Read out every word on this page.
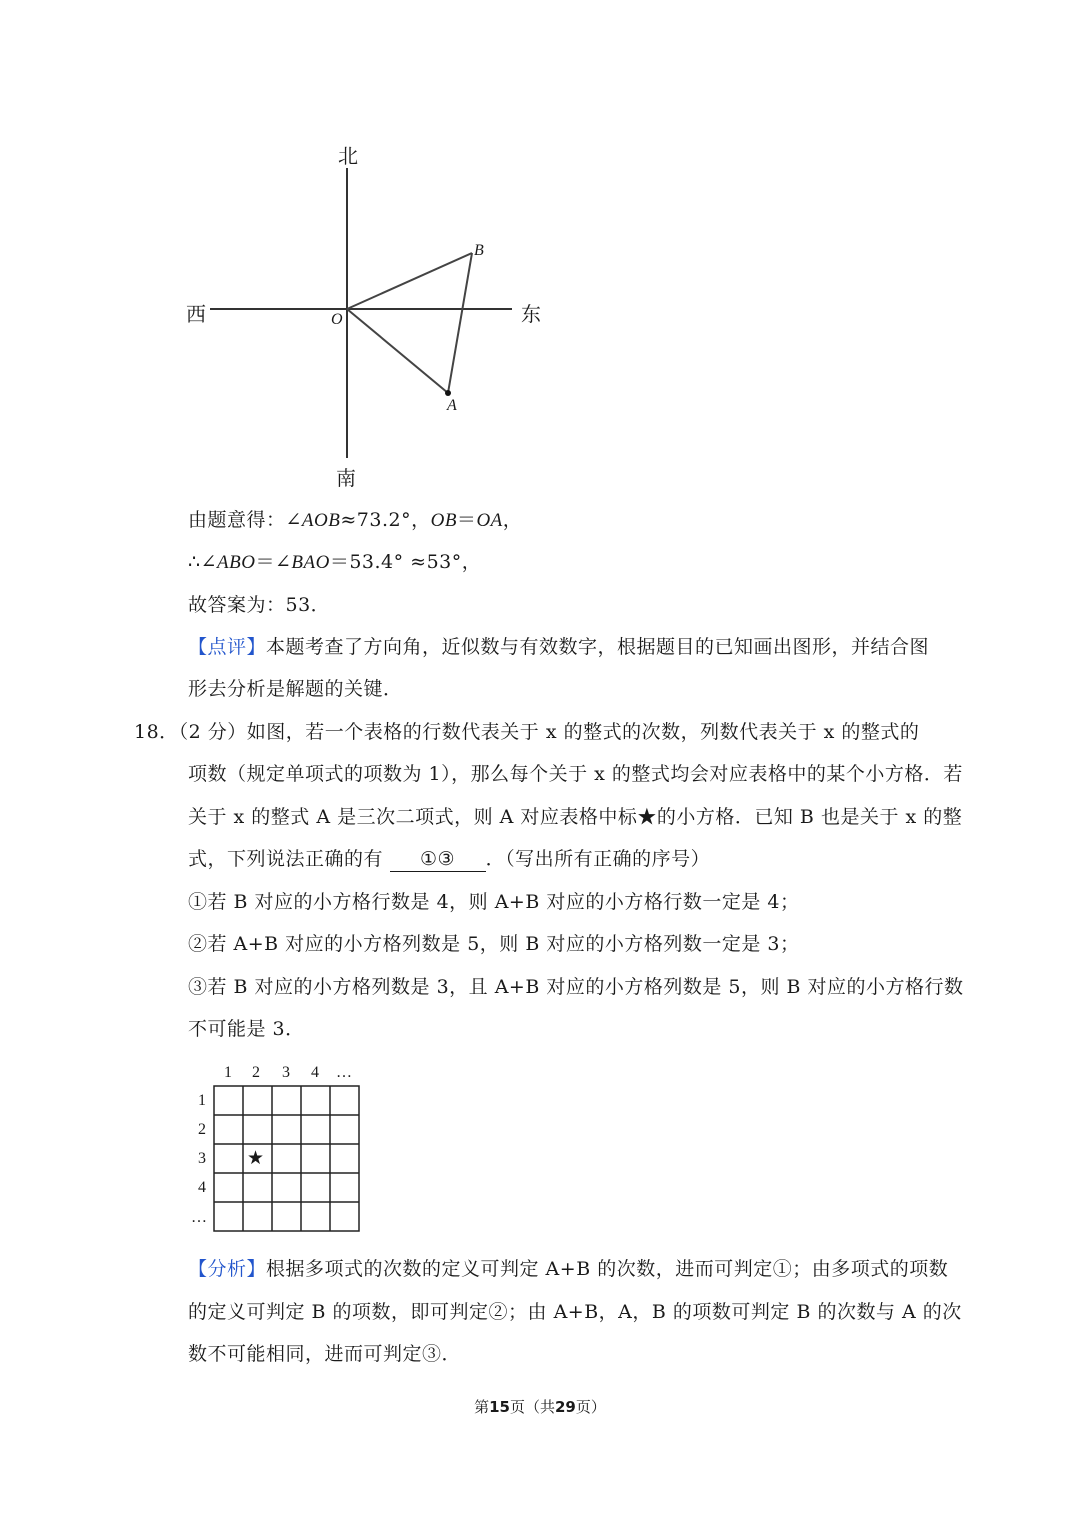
北
南
西	东
O
A
B
由题意得：∠AOB≈73.2°，OB＝OA，
∴∠ABO＝∠BAO＝53.4° ≈53°，
故答案为：53．
【点评】本题考查了方向角，近似数与有效数字，根据题目的已知画出图形，并结合图
形去分析是解题的关键．
18．（2 分）如图，若一个表格的行数代表关于 x 的整式的次数，列数代表关于 x 的整式的
项数（规定单项式的项数为 1），那么每个关于 x 的整式均会对应表格中的某个小方格．若
关于 x 的整式 A 是三次二项式，则 A 对应表格中标★的小方格．已知 B 也是关于 x 的整
式，下列说法正确的有 ①③ ．（写出所有正确的序号）
①若 B 对应的小方格行数是 4，则 A+B 对应的小方格行数一定是 4；
②若 A+B 对应的小方格列数是 5，则 B 对应的小方格列数一定是 3；
③若 B 对应的小方格列数是 3，且 A+B 对应的小方格列数是 5，则 B 对应的小方格行数
不可能是 3．
1 2 3 4 …
1
2
3
4
…
★
【分析】根据多项式的次数的定义可判定 A+B 的次数，进而可判定①；由多项式的项数
的定义可判定 B 的项数，即可判定②；由 A+B，A，B 的项数可判定 B 的次数与 A 的次
数不可能相同，进而可判定③．
第15页（共29页）
